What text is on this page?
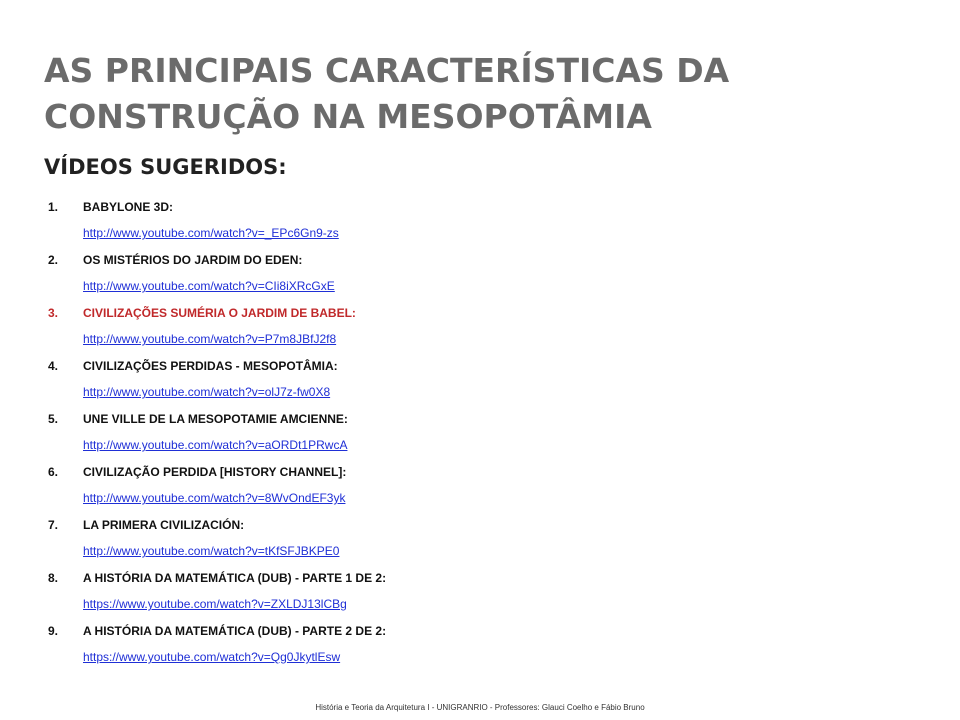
AS PRINCIPAIS CARACTERÍSTICAS DA
CONSTRUÇÃO NA MESOPOTÂMIA
VÍDEOS SUGERIDOS:
1.	BABYLONE 3D:
http://www.youtube.com/watch?v=_EPc6Gn9-zs
2.	OS MISTÉRIOS DO JARDIM DO EDEN:
http://www.youtube.com/watch?v=CIi8iXRcGxE
3.	CIVILIZAÇÕES SUMÉRIA O JARDIM DE BABEL:
http://www.youtube.com/watch?v=P7m8JBfJ2f8
4.	CIVILIZAÇÕES PERDIDAS - MESOPOTÂMIA:
http://www.youtube.com/watch?v=olJ7z-fw0X8
5.	UNE VILLE DE LA MESOPOTAMIE AMCIENNE:
http://www.youtube.com/watch?v=aORDt1PRwcA
6.	CIVILIZAÇÃO PERDIDA [HISTORY CHANNEL]:
http://www.youtube.com/watch?v=8WvOndEF3yk
7.	LA PRIMERA CIVILIZACIÓN:
http://www.youtube.com/watch?v=tKfSFJBKPE0
8.	A HISTÓRIA DA MATEMÁTICA (DUB) - PARTE 1 DE 2:
https://www.youtube.com/watch?v=ZXLDJ13lCBg
9.	A HISTÓRIA DA MATEMÁTICA (DUB) - PARTE 2 DE 2:
https://www.youtube.com/watch?v=Qg0JkytlEsw
História e Teoria da Arquitetura I - UNIGRANRIO - Professores: Glauci Coelho e Fábio Bruno
